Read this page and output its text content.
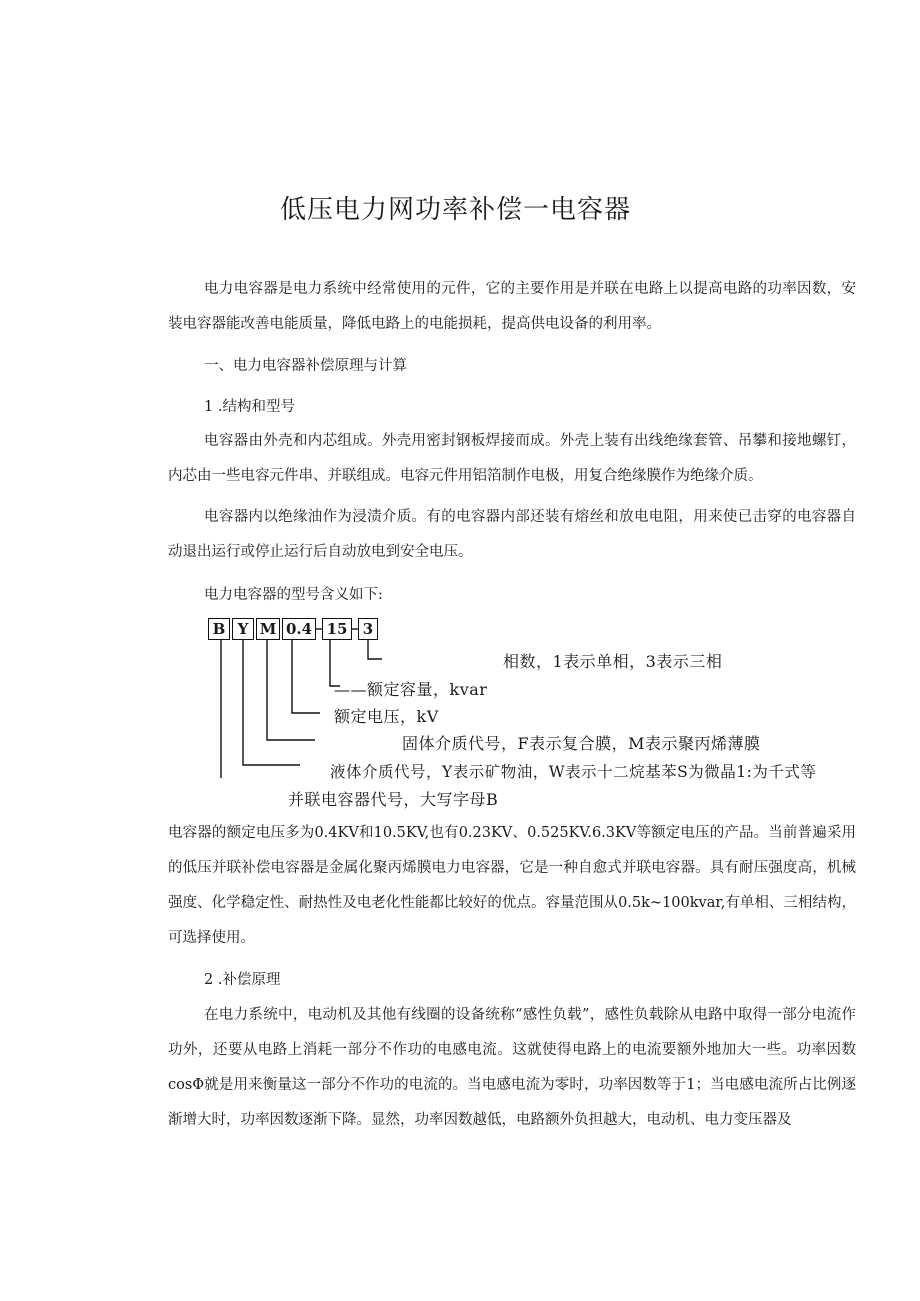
低压电力网功率补偿一电容器

电力电容器是电力系统中经常使用的元件，它的主要作用是并联在电路上以提高电路的功率因数，安装电容器能改善电能质量，降低电路上的电能损耗，提高供电设备的利用率。

一、电力电容器补偿原理与计算
1 .结构和型号

电容器由外壳和内芯组成。外壳用密封钢板焊接而成。外壳上装有出线绝缘套管、吊攀和接地螺钉，内芯由一些电容元件串、并联组成。电容元件用铝箔制作电极，用复合绝缘膜作为绝缘介质。

电容器内以绝缘油作为浸渍介质。有的电容器内部还装有熔丝和放电电阻，用来使已击穿的电容器自动退出运行或停止运行后自动放电到安全电压。

电力电容器的型号含义如下:
B Y M 0.4 15	3
相数，1表示单相，3表示三相
——额定容量，kvar
额定电压，kV
固体介质代号，F表示复合膜，M表示聚丙烯薄膜
液体介质代号，Y表示矿物油，W表示十二烷基苯S为微晶1:为千式等
并联电容器代号，大写字母B

电容器的额定电压多为0.4KV和10.5KV,也有0.23KV、0.525KV.6.3KV等额定电压的产品。当前普遍采用的低压并联补偿电容器是金属化聚丙烯膜电力电容器，它是一种自愈式并联电容器。具有耐压强度高，机械强度、化学稳定性、耐热性及电老化性能都比较好的优点。容量范围从0.5k~100kvar,有单相、三相结构，可选择使用。

2 .补偿原理

在电力系统中，电动机及其他有线圈的设备统称“感性负载”，感性负载除从电路中取得一部分电流作功外，还要从电路上消耗一部分不作功的电感电流。这就使得电路上的电流要额外地加大一些。功率因数cosΦ就是用来衡量这一部分不作功的电流的。当电感电流为零时，功率因数等于1；当电感电流所占比例逐渐增大时，功率因数逐渐下降。显然，功率因数越低，电路额外负担越大，电动机、电力变压器及
